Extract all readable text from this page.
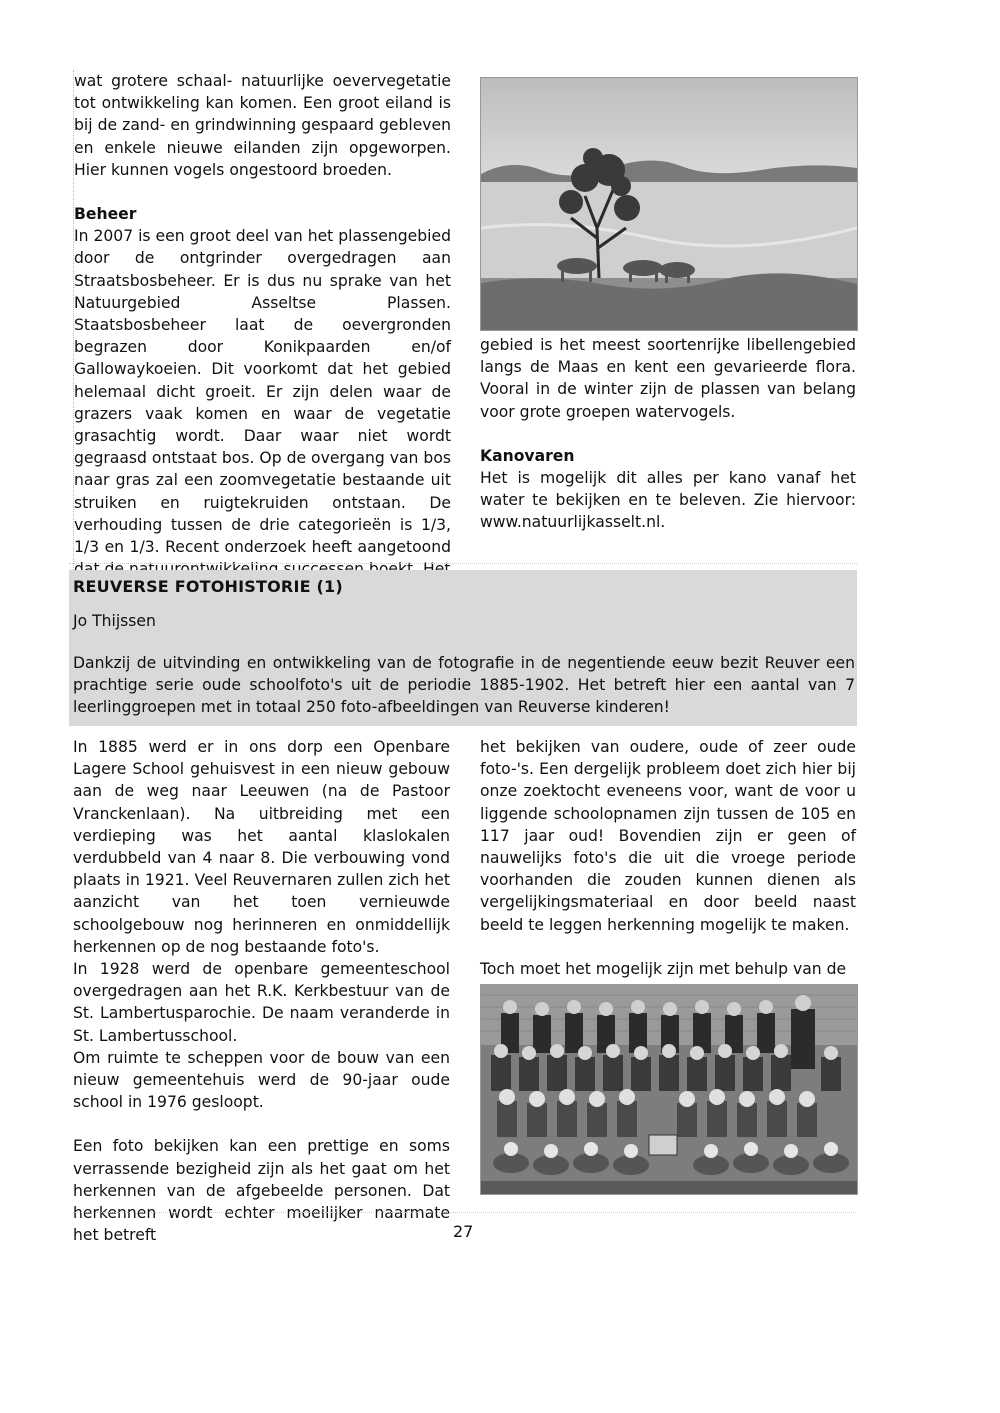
wat grotere schaal- natuurlijke oevervegetatie tot ontwikkeling kan komen. Een groot eiland is bij de zand- en grindwinning gespaard gebleven en enkele nieuwe eilanden zijn opgeworpen. Hier kunnen vogels ongestoord broeden.

Beheer

In 2007 is een groot deel van het plassengebied door de ontgrinder overgedragen aan Straatsbosbeheer. Er is dus nu sprake van het Natuurgebied Asseltse Plassen. Staatsbosbeheer laat de oevergronden begrazen door Konikpaarden en/of Gallowaykoeien. Dit voorkomt dat het gebied helemaal dicht groeit. Er zijn delen waar de grazers vaak komen en waar de vegetatie grasachtig wordt. Daar waar niet wordt gegraasd ontstaat bos. Op de overgang van bos naar gras zal een zoomvegetatie bestaande uit struiken en ruigtekruiden ontstaan. De verhouding tussen de drie categorieën is 1/3, 1/3 en 1/3. Recent onderzoek heeft aangetoond

gebied is het meest soortenrijke libellengebied langs de Maas en kent een gevarieerde flora. Vooral in de winter zijn de plassen van belang voor grote groepen watervogels.

Kanovaren

Het is mogelijk dit alles per kano vanaf het water te bekijken en te beleven. Zie hiervoor: www.natuurlijkasselt.nl.

REUVERSE FOTOHISTORIE (1)
Jo Thijssen
Dankzij de uitvinding en ontwikkeling van de fotografie in de negentiende eeuw bezit Reuver een prachtige serie oude schoolfoto's uit de periodie 1885-1902. Het betreft hier een aantal van 7 leerlinggroepen met in totaal 250 foto-afbeeldingen van Reuverse kinderen!

In 1885 werd er in ons dorp een Openbare Lagere School gehuisvest in een nieuw gebouw aan de weg naar Leeuwen (na de Pastoor Vranckenlaan). Na uitbreiding met een verdieping was het aantal klaslokalen verdubbeld van 4 naar 8. Die verbouwing vond plaats in 1921. Veel Reuvernaren zullen zich het aanzicht van het toen vernieuwde schoolgebouw nog herinneren en onmiddellijk herkennen op de nog bestaande foto's.

In 1928 werd de openbare gemeenteschool overgedragen aan het R.K. Kerkbestuur van de St. Lambertusparochie. De naam veranderde in St. Lambertusschool.

Om ruimte te scheppen voor de bouw van een nieuw gemeentehuis werd de 90-jaar oude school in 1976 gesloopt.

Een foto bekijken kan een prettige en soms verrassende bezigheid zijn als het gaat om het herkennen van de afgebeelde personen. Dat herkennen wordt echter moeilijker naarmate het betreft

het bekijken van oudere, oude of zeer oude foto-'s. Een dergelijk probleem doet zich hier bij onze zoektocht eveneens voor, want de voor u liggende schoolopnamen zijn tussen de 105 en 117 jaar oud! Bovendien zijn er geen of nauwelijks foto's die uit die vroege periode voorhanden die zouden kunnen dienen als vergelijkingsmateriaal en door beeld naast beeld te leggen herkenning mogelijk te maken.

Toch moet het mogelijk zijn met behulp van de

27
